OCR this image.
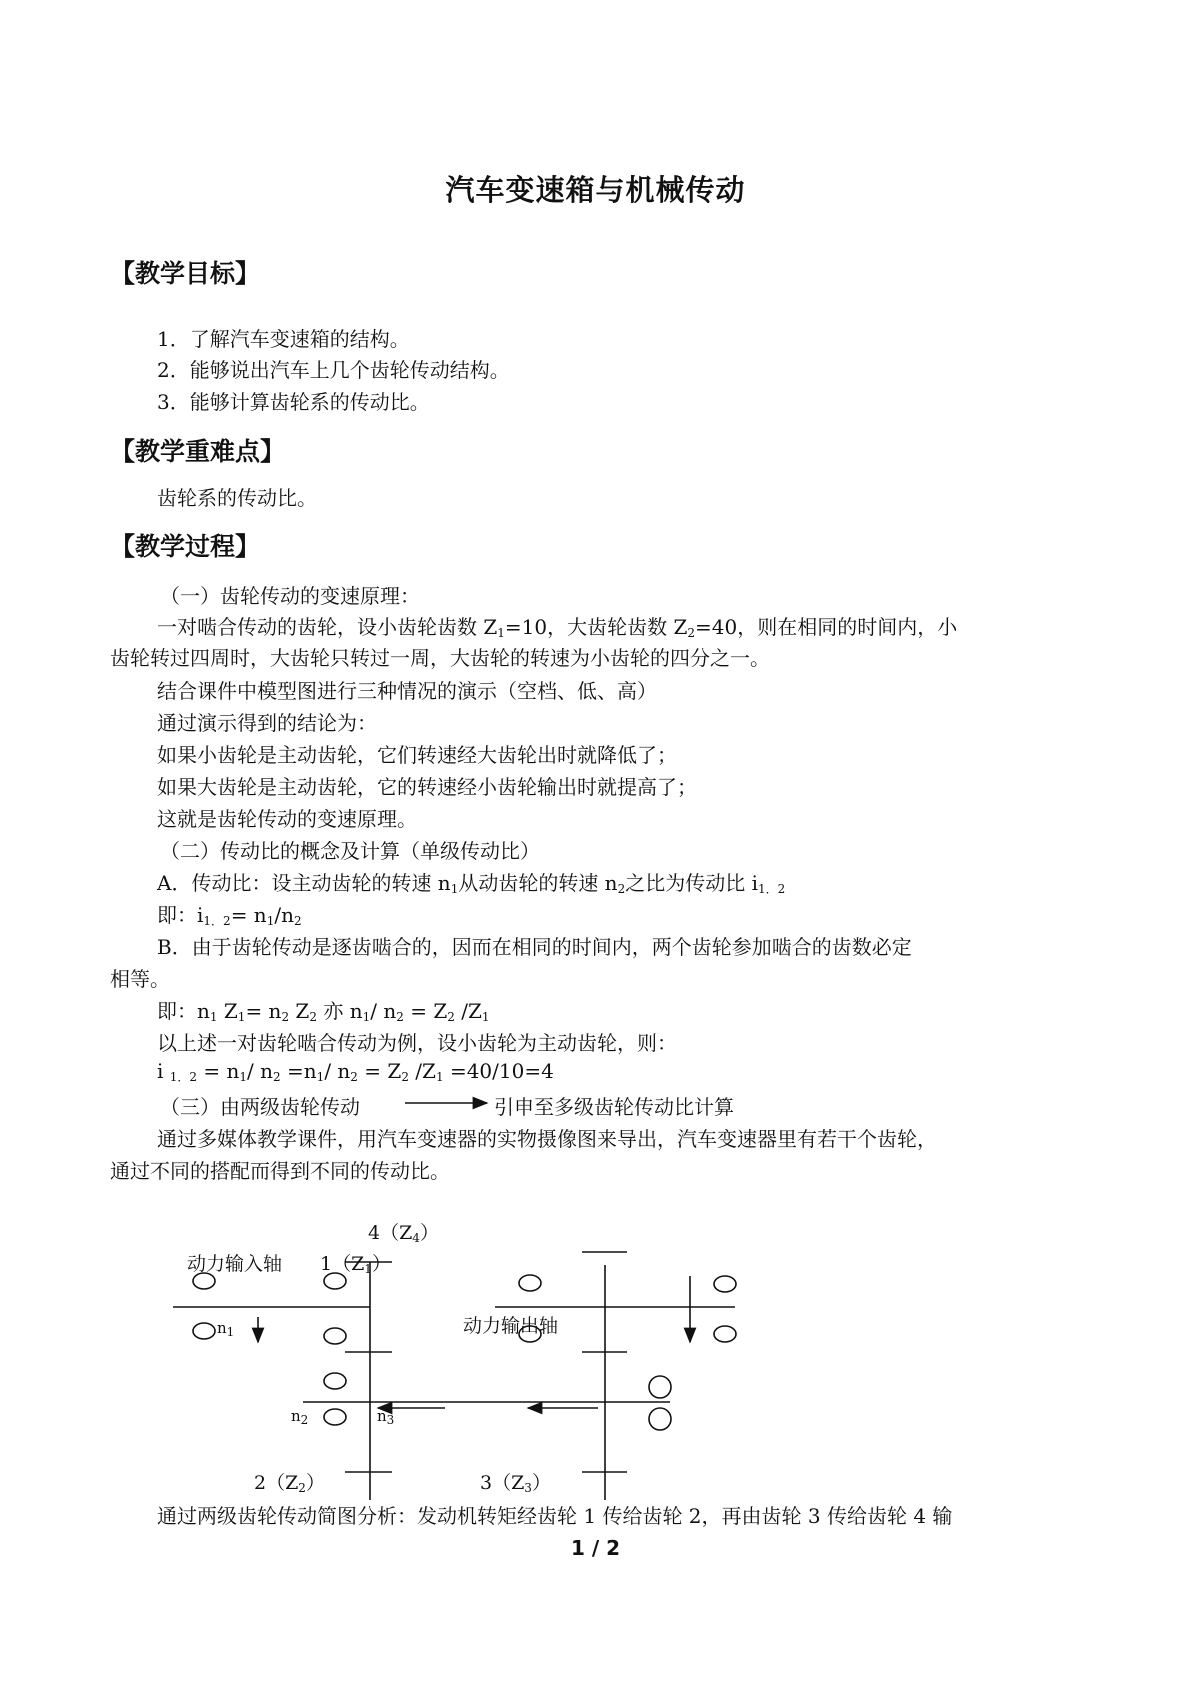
汽车变速箱与机械传动
【教学目标】
1．了解汽车变速箱的结构。
2．能够说出汽车上几个齿轮传动结构。
3．能够计算齿轮系的传动比。
【教学重难点】
齿轮系的传动比。
【教学过程】
（一）齿轮传动的变速原理：
一对啮合传动的齿轮，设小齿轮齿数 $Z_1=10$，大齿轮齿数 $Z_2=40$，则在相同的时间内，小
齿轮转过四周时，大齿轮只转过一周，大齿轮的转速为小齿轮的四分之一。
结合课件中模型图进行三种情况的演示（空档、低、高）
通过演示得到的结论为：
如果小齿轮是主动齿轮，它们转速经大齿轮出时就降低了；
如果大齿轮是主动齿轮，它的转速经小齿轮输出时就提高了；
这就是齿轮传动的变速原理。
（二）传动比的概念及计算（单级传动比）
A．传动比：设主动齿轮的转速 $n_1$从动齿轮的转速 $n_2$之比为传动比 $i_{1.2}$
即：$i_{1.2}= n_1/n_2$
B．由于齿轮传动是逐齿啮合的，因而在相同的时间内，两个齿轮参加啮合的齿数必定
相等。
即：$n_1$ $Z_1= n_2$ $Z_2$ 亦 $n_1/$ $n_2 = Z_2$ $/Z_1$
以上述一对齿轮啮合传动为例，设小齿轮为主动齿轮，则：
i $_{1.2} = n_1/$ $n_2 =n_1/$ $n_2 = Z_2$ $/Z_1 =40/10=4$
（三）由两级齿轮传动	引申至多级齿轮传动比计算
通过多媒体教学课件，用汽车变速器的实物摄像图来导出，汽车变速器里有若干个齿轮，
通过不同的搭配而得到不同的传动比。
$4(Z_4)$
动力输入轴 $1(Z_1)$
动力输出轴
$n_1$
$n_2$	$n_3$
$2(Z_2)$	$3(Z_3)$
通过两级齿轮传动简图分析：发动机转矩经齿轮 1 传给齿轮 2，再由齿轮 3 传给齿轮 4 输
1 / 2
